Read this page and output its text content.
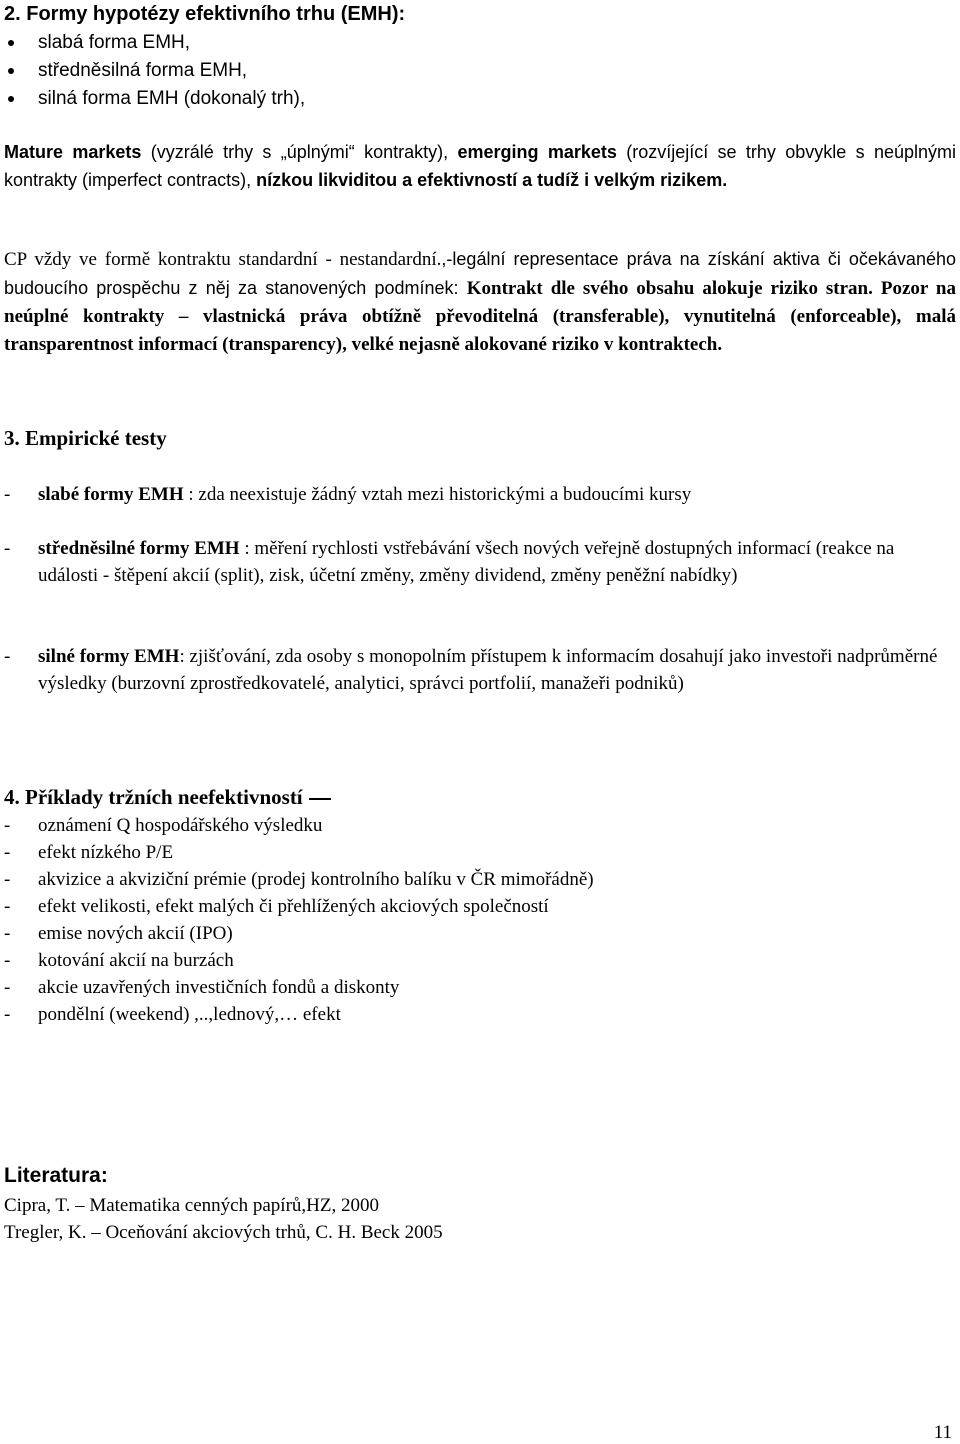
2. Formy hypotézy efektivního trhu (EMH):
slabá forma EMH,
středněsilná forma EMH,
silná forma EMH (dokonalý trh),
Mature markets (vyzrálé trhy s „úplnými“ kontrakty), emerging markets (rozvíjející se trhy obvykle s neúplnými kontrakty (imperfect contracts), nízkou likviditou a efektivností a tudíž i velkým rizikem.
CP vždy ve formě kontraktu standardní - nestandardní.,-legální representace práva na získání aktiva či očekávaného budoucího prospěchu z něj za stanovených podmínek: Kontrakt dle svého obsahu alokuje riziko stran. Pozor na neúplné kontrakty – vlastnická práva obtížně převoditelná (transferable), vynutitelná (enforceable), malá transparentnost informací (transparency), velké nejasně alokované riziko v kontraktech.
3. Empirické testy
- slabé formy EMH : zda neexistuje žádný vztah mezi historickými a budoucími kursy
- středněsilné formy EMH : měření rychlosti vstřebávání všech nových veřejně dostupných informací (reakce na události - štěpení akcií (split), zisk, účetní změny, změny dividend, změny peněžní nabídky)
- silné formy EMH: zjišťování, zda osoby s monopolním přístupem k informacím dosahují jako investoři nadprůměrné výsledky (burzovní zprostředkovatelé, analytici, správci portfolií, manažeři podniků)
4. Příklady tržních neefektivností
- oznámení Q hospodářského výsledku
- efekt nízkého P/E
- akvizice a akviziční prémie (prodej kontrolního balíku v ČR mimořádně)
- efekt velikosti, efekt malých či přehlížených akciových společností
- emise nových akcií (IPO)
- kotování akcií na burzách
- akcie uzavřených investičních fondů a diskonty
- pondělní (weekend) ,..,lednový,… efekt
Literatura:
Cipra, T. – Matematika cenných papírů,HZ, 2000
Tregler, K. – Oceňování akciových trhů, C. H. Beck 2005
11
